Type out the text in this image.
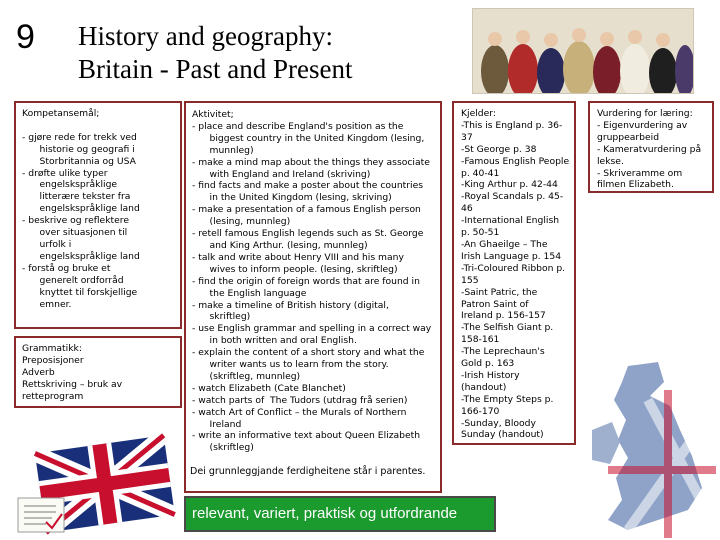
9 History and geography:
Britain - Past and Present
Kompetansemål;

- gjøre rede for trekk ved
historie og geografi i
Storbritannia og USA
- drøfte ulike typer
engelskspråklige
litterære tekster fra
engelskspråklige land
- beskrive og reflektere
over situasjonen til
urfolk i
engelskspråklige land
- forstå og bruke et
generelt ordforråd
knyttet til forskjellige
emner.
Grammatikk:
Preposisjoner
Adverb
Rettskriving – bruk av
retteprogram
Aktivitet;
- place and describe England's position as the
biggest country in the United Kingdom (lesing,
munnleg)
- make a mind map about the things they associate
with England and Ireland (skriving)
- find facts and make a poster about the countries
in the United Kingdom (lesing, skriving)
- make a presentation of a famous English person
(lesing, munnleg)
- retell famous English legends such as St. George
and King Arthur. (lesing, munnleg)
- talk and write about Henry VIII and his many
wives to inform people. (lesing, skriftleg)
- find the origin of foreign words that are found in
the English language
- make a timeline of British history (digital,
skriftleg)
- use English grammar and spelling in a correct way
in both written and oral English.
- explain the content of a short story and what the
writer wants us to learn from the story.
(skriftleg, munnleg)
- watch Elizabeth (Cate Blanchet)
- watch parts of  The Tudors (utdrag frå serien)
- watch Art of Conflict – the Murals of Northern
Ireland
- write an informative text about Queen Elizabeth
(skriftleg)
Dei grunnleggjande ferdigheitene står i parentes.
Kjelder:
-This is England p. 36-
37
-St George p. 38
-Famous English People
p. 40-41
-King Arthur p. 42-44
-Royal Scandals p. 45-
46
-International English
p. 50-51
-An Ghaeilge – The
Irish Language p. 154
-Tri-Coloured Ribbon p.
155
-Saint Patric, the
Patron Saint of
Ireland p. 156-157
-The Selfish Giant p.
158-161
-The Leprechaun's
Gold p. 163
-Irish History
(handout)
-The Empty Steps p.
166-170
-Sunday, Bloody
Sunday (handout)
Vurdering for læring:
- Eigenvurdering av
gruppearbeid
- Kameratvurdering på
lekse.
- Skriveramme om
filmen Elizabeth.
relevant, variert, praktisk og utfordrande
